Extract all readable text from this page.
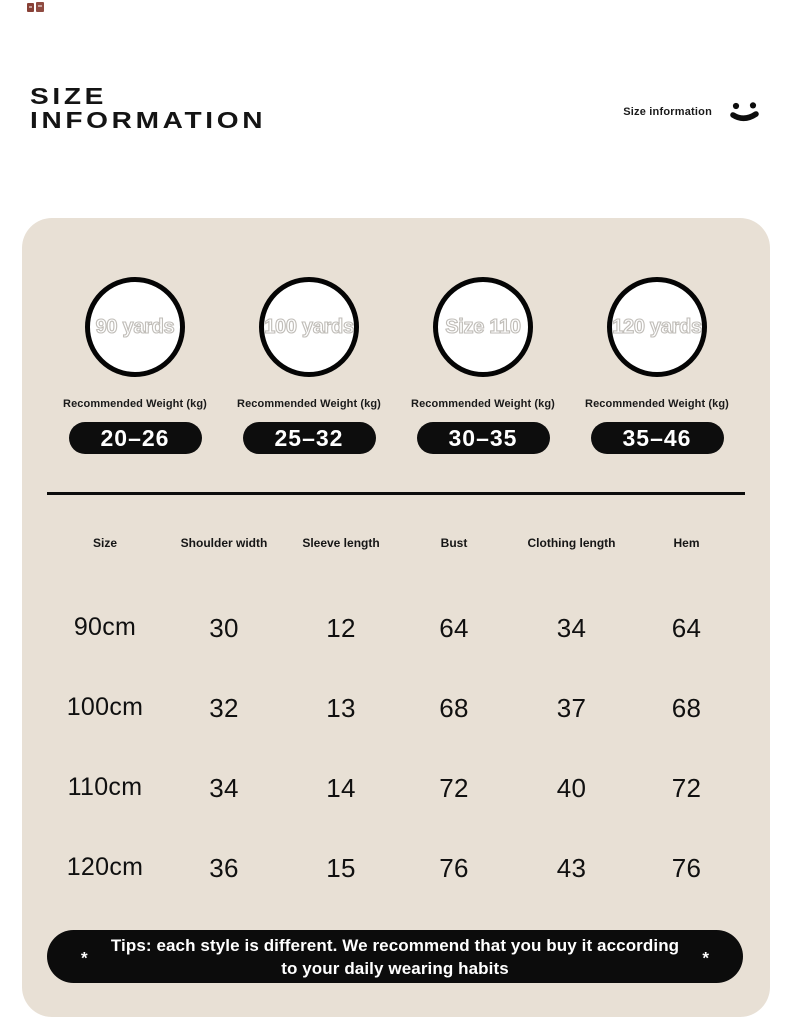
SIZE
INFORMATION	Size information
90 yards
Recommended Weight (kg)
20–26
100 yards
Recommended Weight (kg)
25–32
Size 110
Recommended Weight (kg)
30–35
120 yards
Recommended Weight (kg)
35–46
Size	Shoulder width	Sleeve length	Bust	Clothing length	Hem
90cm	30	12	64	34	64
100cm	32	13	68	37	68
110cm	34	14	72	40	72
120cm	36	15	76	43	76
*
Tips: each style is different. We recommend that you buy it according to your daily wearing habits
*
